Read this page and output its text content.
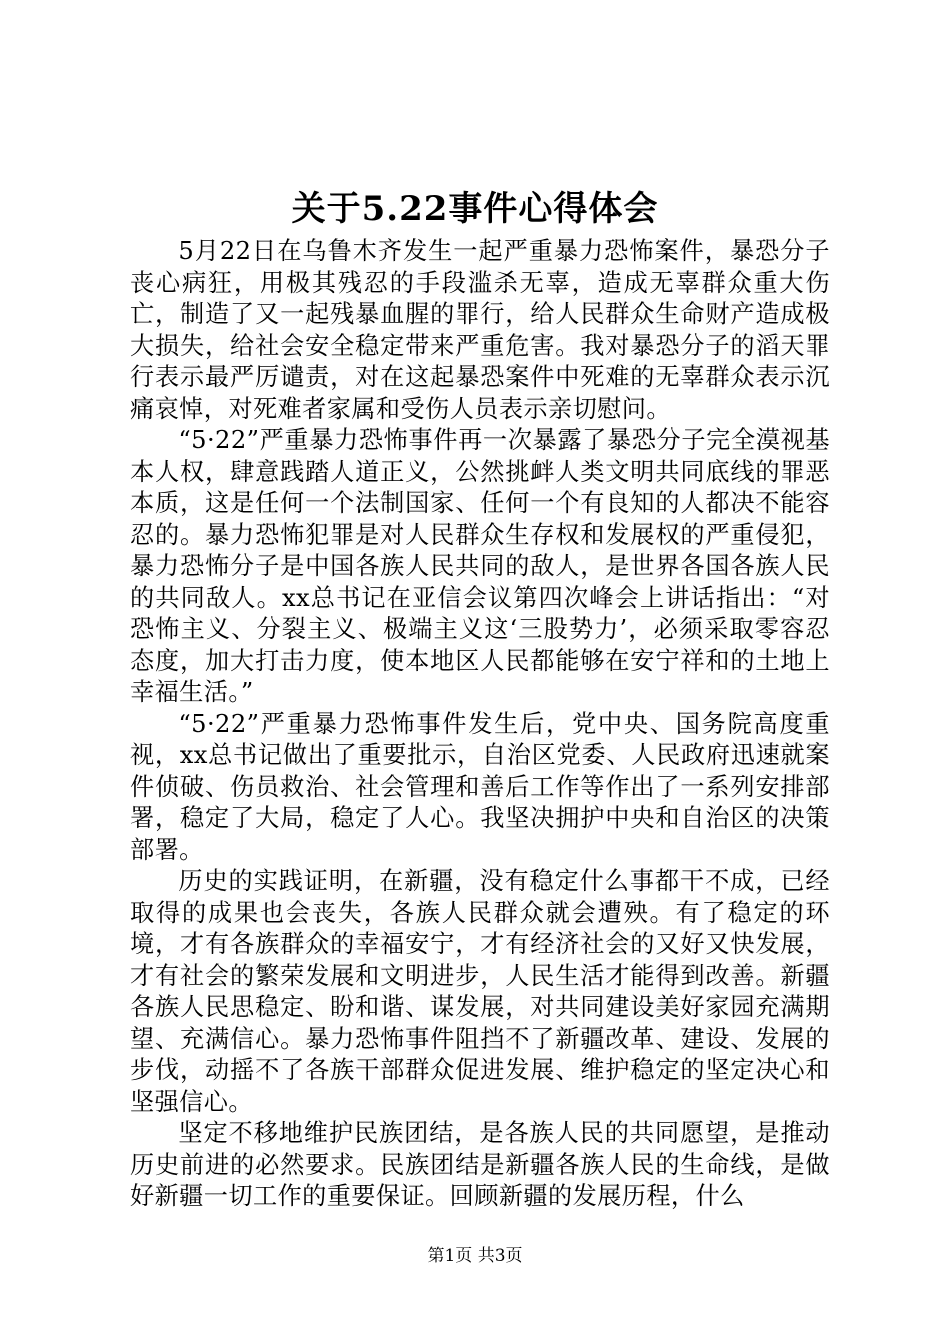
关于5.22事件心得体会

5月22日在乌鲁木齐发生一起严重暴力恐怖案件，暴恐分子丧心病狂，用极其残忍的手段滥杀无辜，造成无辜群众重大伤亡，制造了又一起残暴血腥的罪行，给人民群众生命财产造成极大损失，给社会安全稳定带来严重危害。我对暴恐分子的滔天罪行表示最严厉谴责，对在这起暴恐案件中死难的无辜群众表示沉痛哀悼，对死难者家属和受伤人员表示亲切慰问。

“5·22”严重暴力恐怖事件再一次暴露了暴恐分子完全漠视基本人权，肆意践踏人道正义，公然挑衅人类文明共同底线的罪恶本质，这是任何一个法制国家、任何一个有良知的人都决不能容忍的。暴力恐怖犯罪是对人民群众生存权和发展权的严重侵犯，暴力恐怖分子是中国各族人民共同的敌人，是世界各国各族人民的共同敌人。xx总书记在亚信会议第四次峰会上讲话指出：“对恐怖主义、分裂主义、极端主义这‘三股势力’，必须采取零容忍态度，加大打击力度，使本地区人民都能够在安宁祥和的土地上幸福生活。”

“5·22”严重暴力恐怖事件发生后，党中央、国务院高度重视，xx总书记做出了重要批示，自治区党委、人民政府迅速就案件侦破、伤员救治、社会管理和善后工作等作出了一系列安排部署，稳定了大局，稳定了人心。我坚决拥护中央和自治区的决策部署。

历史的实践证明，在新疆，没有稳定什么事都干不成，已经取得的成果也会丧失，各族人民群众就会遭殃。有了稳定的环境，才有各族群众的幸福安宁，才有经济社会的又好又快发展，才有社会的繁荣发展和文明进步，人民生活才能得到改善。新疆各族人民思稳定、盼和谐、谋发展，对共同建设美好家园充满期望、充满信心。暴力恐怖事件阻挡不了新疆改革、建设、发展的步伐，动摇不了各族干部群众促进发展、维护稳定的坚定决心和坚强信心。

坚定不移地维护民族团结，是各族人民的共同愿望，是推动历史前进的必然要求。民族团结是新疆各族人民的生命线，是做好新疆一切工作的重要保证。回顾新疆的发展历程，什么

第1页 共3页
